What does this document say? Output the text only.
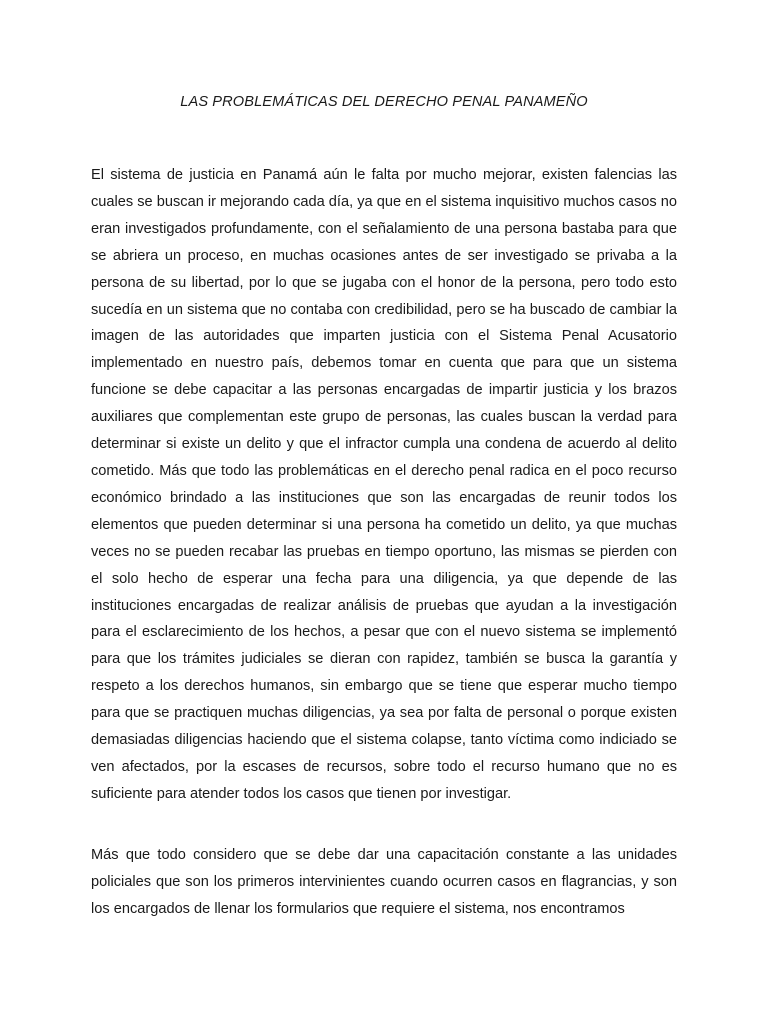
LAS PROBLEMÁTICAS DEL DERECHO PENAL PANAMEÑO

El sistema de justicia en Panamá aún le falta por mucho mejorar, existen falencias las cuales se buscan ir mejorando cada día, ya que en el sistema inquisitivo muchos casos no eran investigados profundamente, con el señalamiento de una persona bastaba para que se abriera un proceso, en muchas ocasiones antes de ser investigado se privaba a la persona de su libertad, por lo que se jugaba con el honor de la persona, pero todo esto sucedía en un sistema que no contaba con credibilidad, pero se ha buscado de cambiar la imagen de las autoridades que imparten justicia con el Sistema Penal Acusatorio implementado en nuestro país, debemos tomar en cuenta que para que un sistema funcione se debe capacitar a las personas encargadas de impartir justicia y los brazos auxiliares que complementan este grupo de personas, las cuales buscan la verdad para determinar si existe un delito y que el infractor cumpla una condena de acuerdo al delito cometido. Más que todo las problemáticas en el derecho penal radica en el poco recurso económico brindado a las instituciones que son las encargadas de reunir todos los elementos que pueden determinar si una persona ha cometido un delito, ya que muchas veces no se pueden recabar las pruebas en tiempo oportuno, las mismas se pierden con el solo hecho de esperar una fecha para una diligencia, ya que depende de las instituciones encargadas de realizar análisis de pruebas que ayudan a la investigación para el esclarecimiento de los hechos, a pesar que con el nuevo sistema se implementó para que los trámites judiciales se dieran con rapidez, también se busca la garantía y respeto a los derechos humanos, sin embargo que se tiene que esperar mucho tiempo para que se practiquen muchas diligencias, ya sea por falta de personal o porque existen demasiadas diligencias haciendo que el sistema colapse, tanto víctima como indiciado se ven afectados, por la escases de recursos, sobre todo el recurso humano que no es suficiente para atender todos los casos que tienen por investigar.

Más que todo considero que se debe dar una capacitación constante a las unidades policiales que son los primeros intervinientes cuando ocurren casos en flagrancias, y son los encargados de llenar los formularios que requiere el sistema, nos encontramos
